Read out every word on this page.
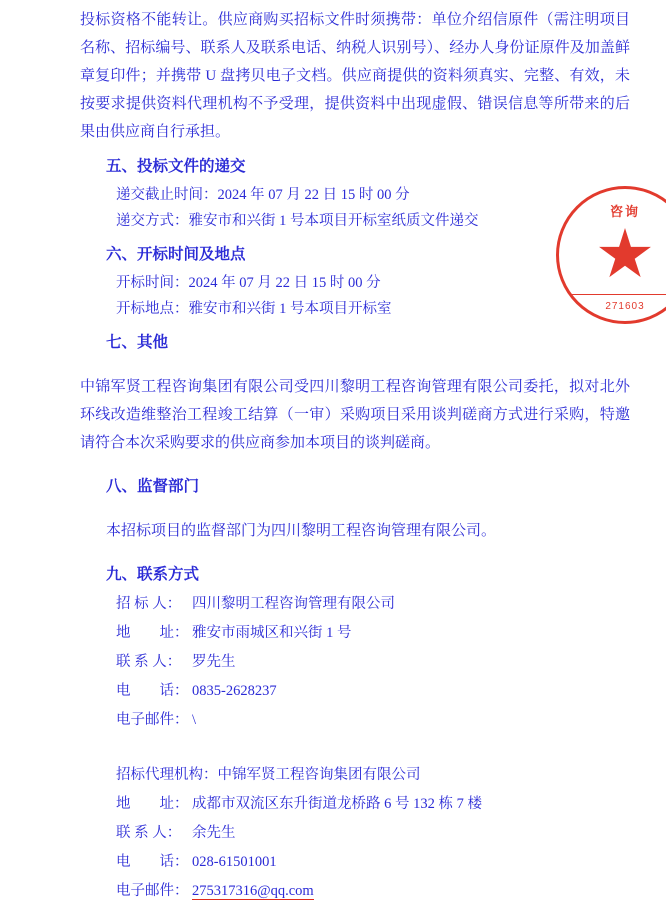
投标资格不能转让。供应商购买招标文件时须携带：单位介绍信原件（需注明项目名称、招标编号、联系人及联系电话、纳税人识别号）、经办人身份证原件及加盖鲜章复印件；并携带 U 盘拷贝电子文档。供应商提供的资料须真实、完整、有效，未按要求提供资料代理机构不予受理，提供资料中出现虚假、错误信息等所带来的后果由供应商自行承担。

五、投标文件的递交
递交截止时间：2024 年 07 月 22 日 15 时 00 分
递交方式：雅安市和兴街 1 号本项目开标室纸质文件递交
六、开标时间及地点
开标时间：2024 年 07 月 22 日 15 时 00 分
开标地点：雅安市和兴街 1 号本项目开标室
七、其他

中锦军贤工程咨询集团有限公司受四川黎明工程咨询管理有限公司委托，拟对北外环线改造维整治工程竣工结算（一审）采购项目采用谈判磋商方式进行采购，特邀请符合本次采购要求的供应商参加本项目的谈判磋商。

八、监督部门

本招标项目的监督部门为四川黎明工程咨询管理有限公司。

九、联系方式
招 标 人： 四川黎明工程咨询管理有限公司
地　　址： 雅安市雨城区和兴街 1 号
联 系 人： 罗先生
电　　话： 0835-2628237
电子邮件： \
招标代理机构：中锦军贤工程咨询集团有限公司
地　　址： 成都市双流区东升街道龙桥路 6 号 132 栋 7 楼
联 系 人： 余先生
电　　话： 028-61501001
电子邮件： 275317316@qq.com
咨询
271603
